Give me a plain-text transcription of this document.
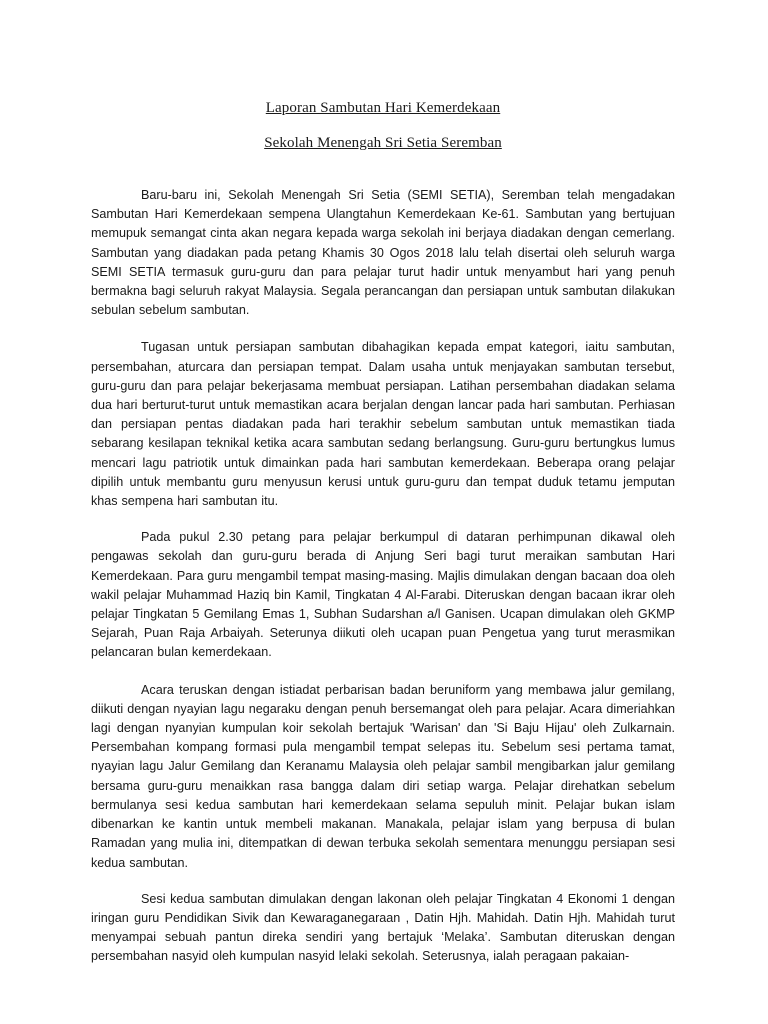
Laporan Sambutan Hari Kemerdekaan
Sekolah Menengah Sri Setia Seremban

Baru-baru ini, Sekolah Menengah Sri Setia (SEMI SETIA), Seremban telah mengadakan Sambutan Hari Kemerdekaan sempena Ulangtahun Kemerdekaan Ke-61. Sambutan yang bertujuan memupuk semangat cinta akan negara kepada warga sekolah ini berjaya diadakan dengan cemerlang. Sambutan yang diadakan pada petang Khamis 30 Ogos 2018 lalu telah disertai oleh seluruh warga SEMI SETIA termasuk guru-guru dan para pelajar turut hadir untuk menyambut hari yang penuh bermakna bagi seluruh rakyat Malaysia. Segala perancangan dan persiapan untuk sambutan dilakukan sebulan sebelum sambutan.

Tugasan untuk persiapan sambutan dibahagikan kepada empat kategori, iaitu sambutan, persembahan, aturcara dan persiapan tempat. Dalam usaha untuk menjayakan sambutan tersebut, guru-guru dan para pelajar bekerjasama membuat persiapan. Latihan persembahan diadakan selama dua hari berturut-turut untuk memastikan acara berjalan dengan lancar pada hari sambutan. Perhiasan dan persiapan pentas diadakan pada hari terakhir sebelum sambutan untuk memastikan tiada sebarang kesilapan teknikal ketika acara sambutan sedang berlangsung. Guru-guru bertungkus lumus mencari lagu patriotik untuk dimainkan pada hari sambutan kemerdekaan. Beberapa orang pelajar dipilih untuk membantu guru menyusun kerusi untuk guru-guru dan tempat duduk tetamu jemputan khas sempena hari sambutan itu.

Pada pukul 2.30 petang para pelajar berkumpul di dataran perhimpunan dikawal oleh pengawas sekolah dan guru-guru berada di Anjung Seri bagi turut meraikan sambutan Hari Kemerdekaan. Para guru mengambil tempat masing-masing. Majlis dimulakan dengan bacaan doa oleh wakil pelajar Muhammad Haziq bin Kamil, Tingkatan 4 Al-Farabi. Diteruskan dengan bacaan ikrar oleh pelajar Tingkatan 5 Gemilang Emas 1, Subhan Sudarshan a/l Ganisen. Ucapan dimulakan oleh GKMP Sejarah, Puan Raja Arbaiyah. Seterunya diikuti oleh ucapan puan Pengetua yang turut merasmikan pelancaran bulan kemerdekaan.

Acara teruskan dengan istiadat perbarisan badan beruniform yang membawa jalur gemilang, diikuti dengan nyayian lagu negaraku dengan penuh bersemangat oleh para pelajar. Acara dimeriahkan lagi dengan nyanyian kumpulan koir sekolah bertajuk 'Warisan' dan 'Si Baju Hijau' oleh Zulkarnain. Persembahan kompang formasi pula mengambil tempat selepas itu. Sebelum sesi pertama tamat, nyayian lagu Jalur Gemilang dan Keranamu Malaysia oleh pelajar sambil mengibarkan jalur gemilang bersama guru-guru menaikkan rasa bangga dalam diri setiap warga. Pelajar direhatkan sebelum bermulanya sesi kedua sambutan hari kemerdekaan selama sepuluh minit. Pelajar bukan islam dibenarkan ke kantin untuk membeli makanan. Manakala, pelajar islam yang berpusa di bulan Ramadan yang mulia ini, ditempatkan di dewan terbuka sekolah sementara menunggu persiapan sesi kedua sambutan.

Sesi kedua sambutan dimulakan dengan lakonan oleh pelajar Tingkatan 4 Ekonomi 1 dengan iringan guru Pendidikan Sivik dan Kewaraganegaraan , Datin Hjh. Mahidah. Datin Hjh. Mahidah turut menyampai sebuah pantun direka sendiri yang bertajuk ‘Melaka’. Sambutan diteruskan dengan persembahan nasyid oleh kumpulan nasyid lelaki sekolah. Seterusnya, ialah peragaan pakaian-
